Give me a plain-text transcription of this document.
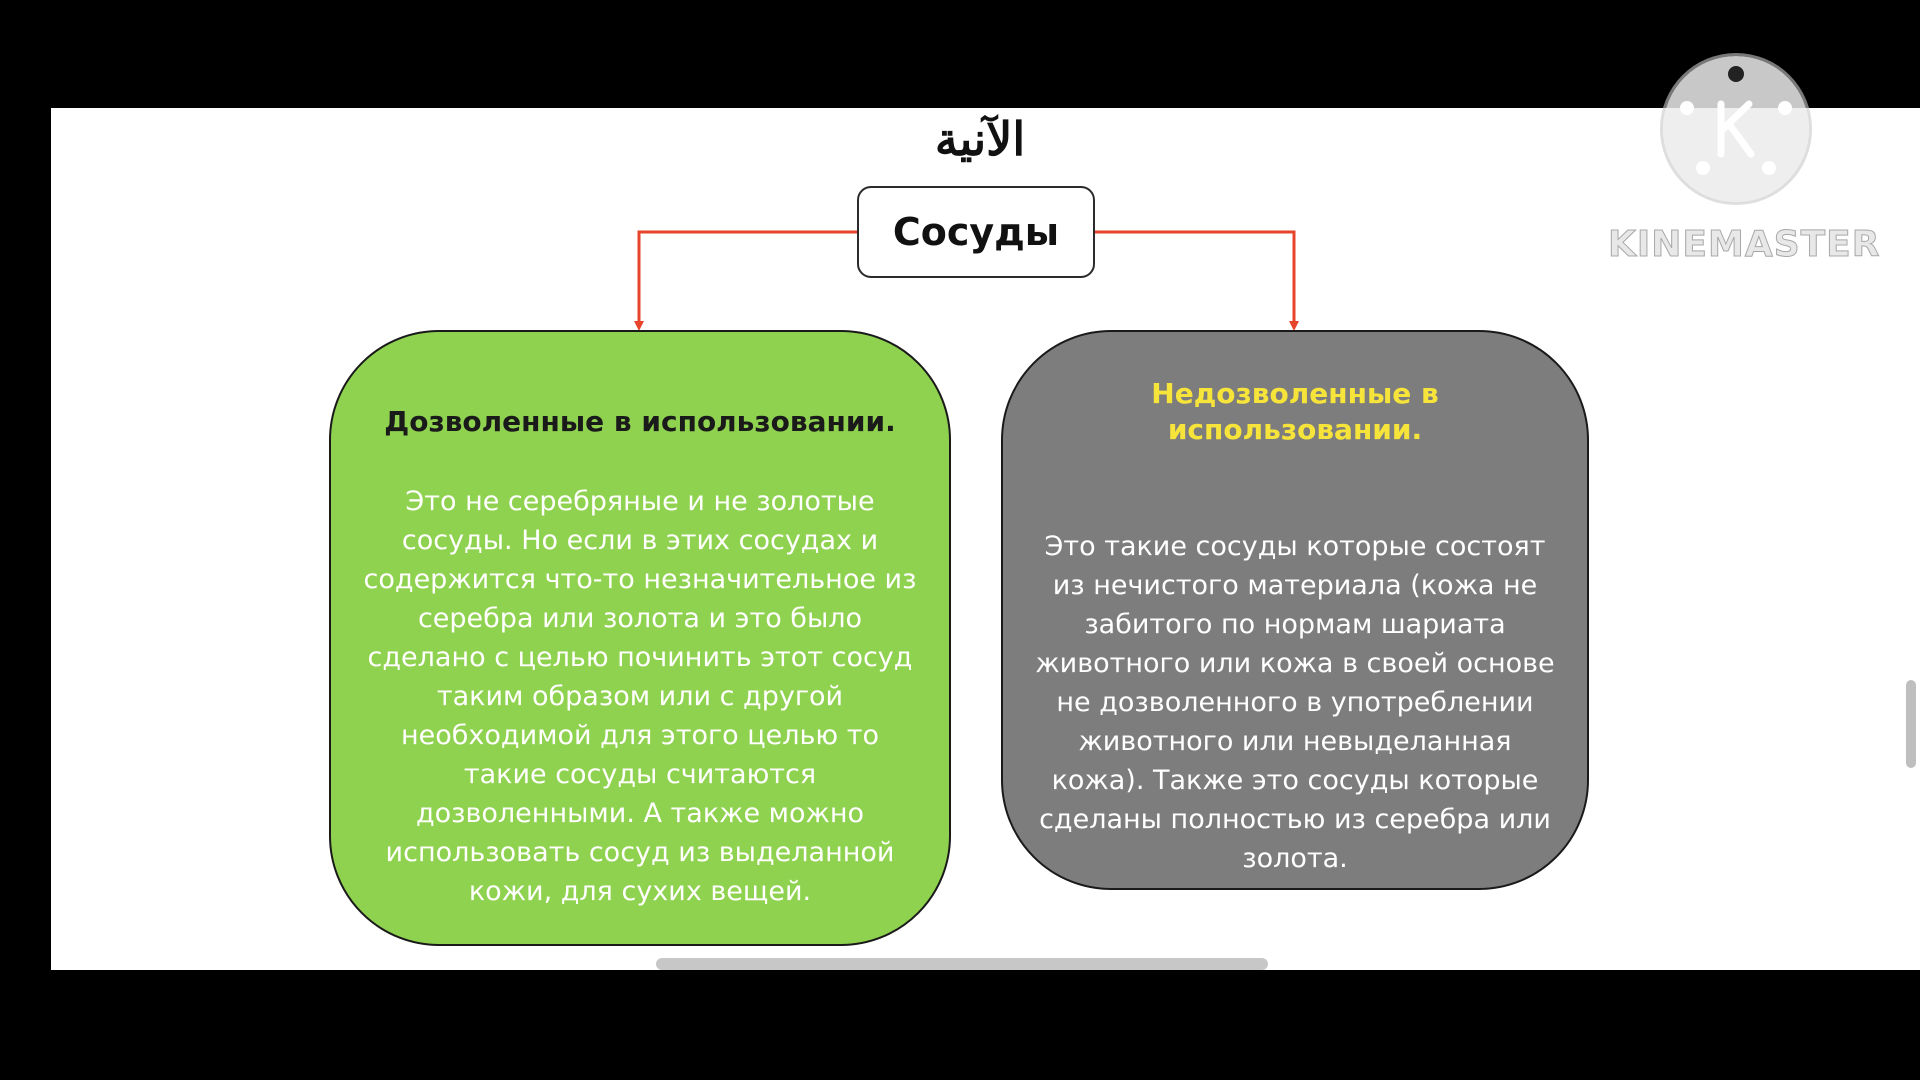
الآنية
Сосуды
Дозволенные в использовании.
Это не серебряные и не золотые сосуды. Но если в этих сосудах и содержится что-то незначительное из серебра или золота и это было сделано с целью починить этот сосуд таким образом или с другой необходимой для этого целью то такие сосуды считаются дозволенными. А также можно использовать сосуд из выделанной кожи, для сухих вещей.
Недозволенные в использовании.
Это такие сосуды которые состоят из нечистого материала (кожа не забитого по нормам шариата животного или кожа в своей основе не дозволенного в употреблении животного или невыделанная кожа). Также это сосуды которые сделаны полностью из серебра или золота.
KINEMASTER
